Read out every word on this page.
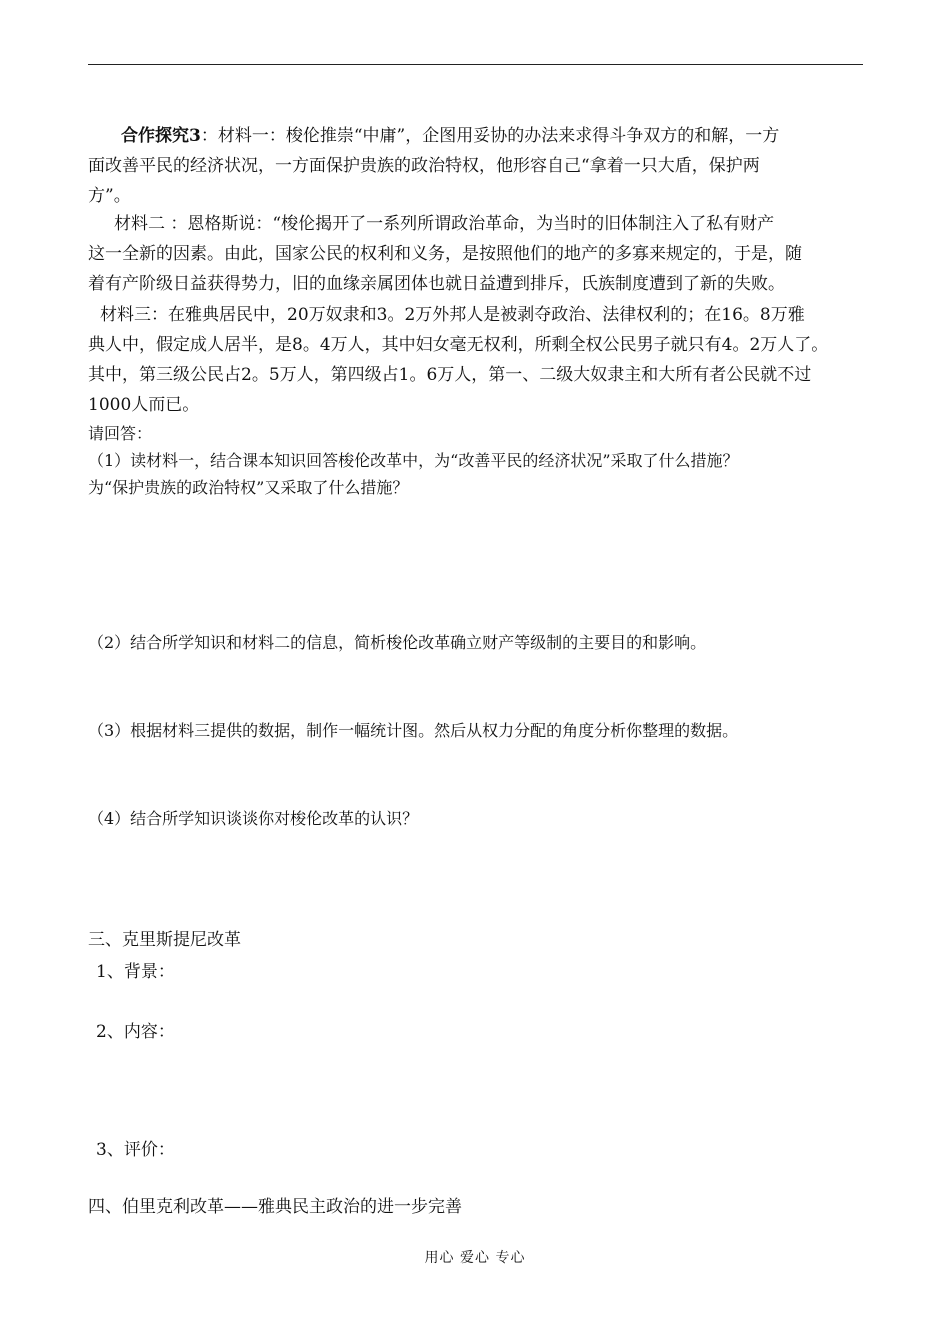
合作探究3：材料一：梭伦推崇“中庸”，企图用妥协的办法来求得斗争双方的和解，一方
面改善平民的经济状况，一方面保护贵族的政治特权，他形容自己“拿着一只大盾，保护两
方”。
材料二 ：恩格斯说：“梭伦揭开了一系列所谓政治革命，为当时的旧体制注入了私有财产
这一全新的因素。由此，国家公民的权利和义务，是按照他们的地产的多寡来规定的，于是，随
着有产阶级日益获得势力，旧的血缘亲属团体也就日益遭到排斥，氏族制度遭到了新的失败。
材料三：在雅典居民中，20万奴隶和3。2万外邦人是被剥夺政治、法律权利的；在16。8万雅
典人中，假定成人居半，是8。4万人，其中妇女毫无权利，所剩全权公民男子就只有4。2万人了。
其中，第三级公民占2。5万人，第四级占1。6万人，第一、二级大奴隶主和大所有者公民就不过
1000人而已。
请回答：
（1）读材料一，结合课本知识回答梭伦改革中，为“改善平民的经济状况”采取了什么措施？
为“保护贵族的政治特权”又采取了什么措施？
（2）结合所学知识和材料二的信息，简析梭伦改革确立财产等级制的主要目的和影响。
（3）根据材料三提供的数据，制作一幅统计图。然后从权力分配的角度分析你整理的数据。
（4）结合所学知识谈谈你对梭伦改革的认识？
三、克里斯提尼改革
1、背景：
2、内容：
3、评价：
四、伯里克利改革——雅典民主政治的进一步完善
用心 爱心 专心
